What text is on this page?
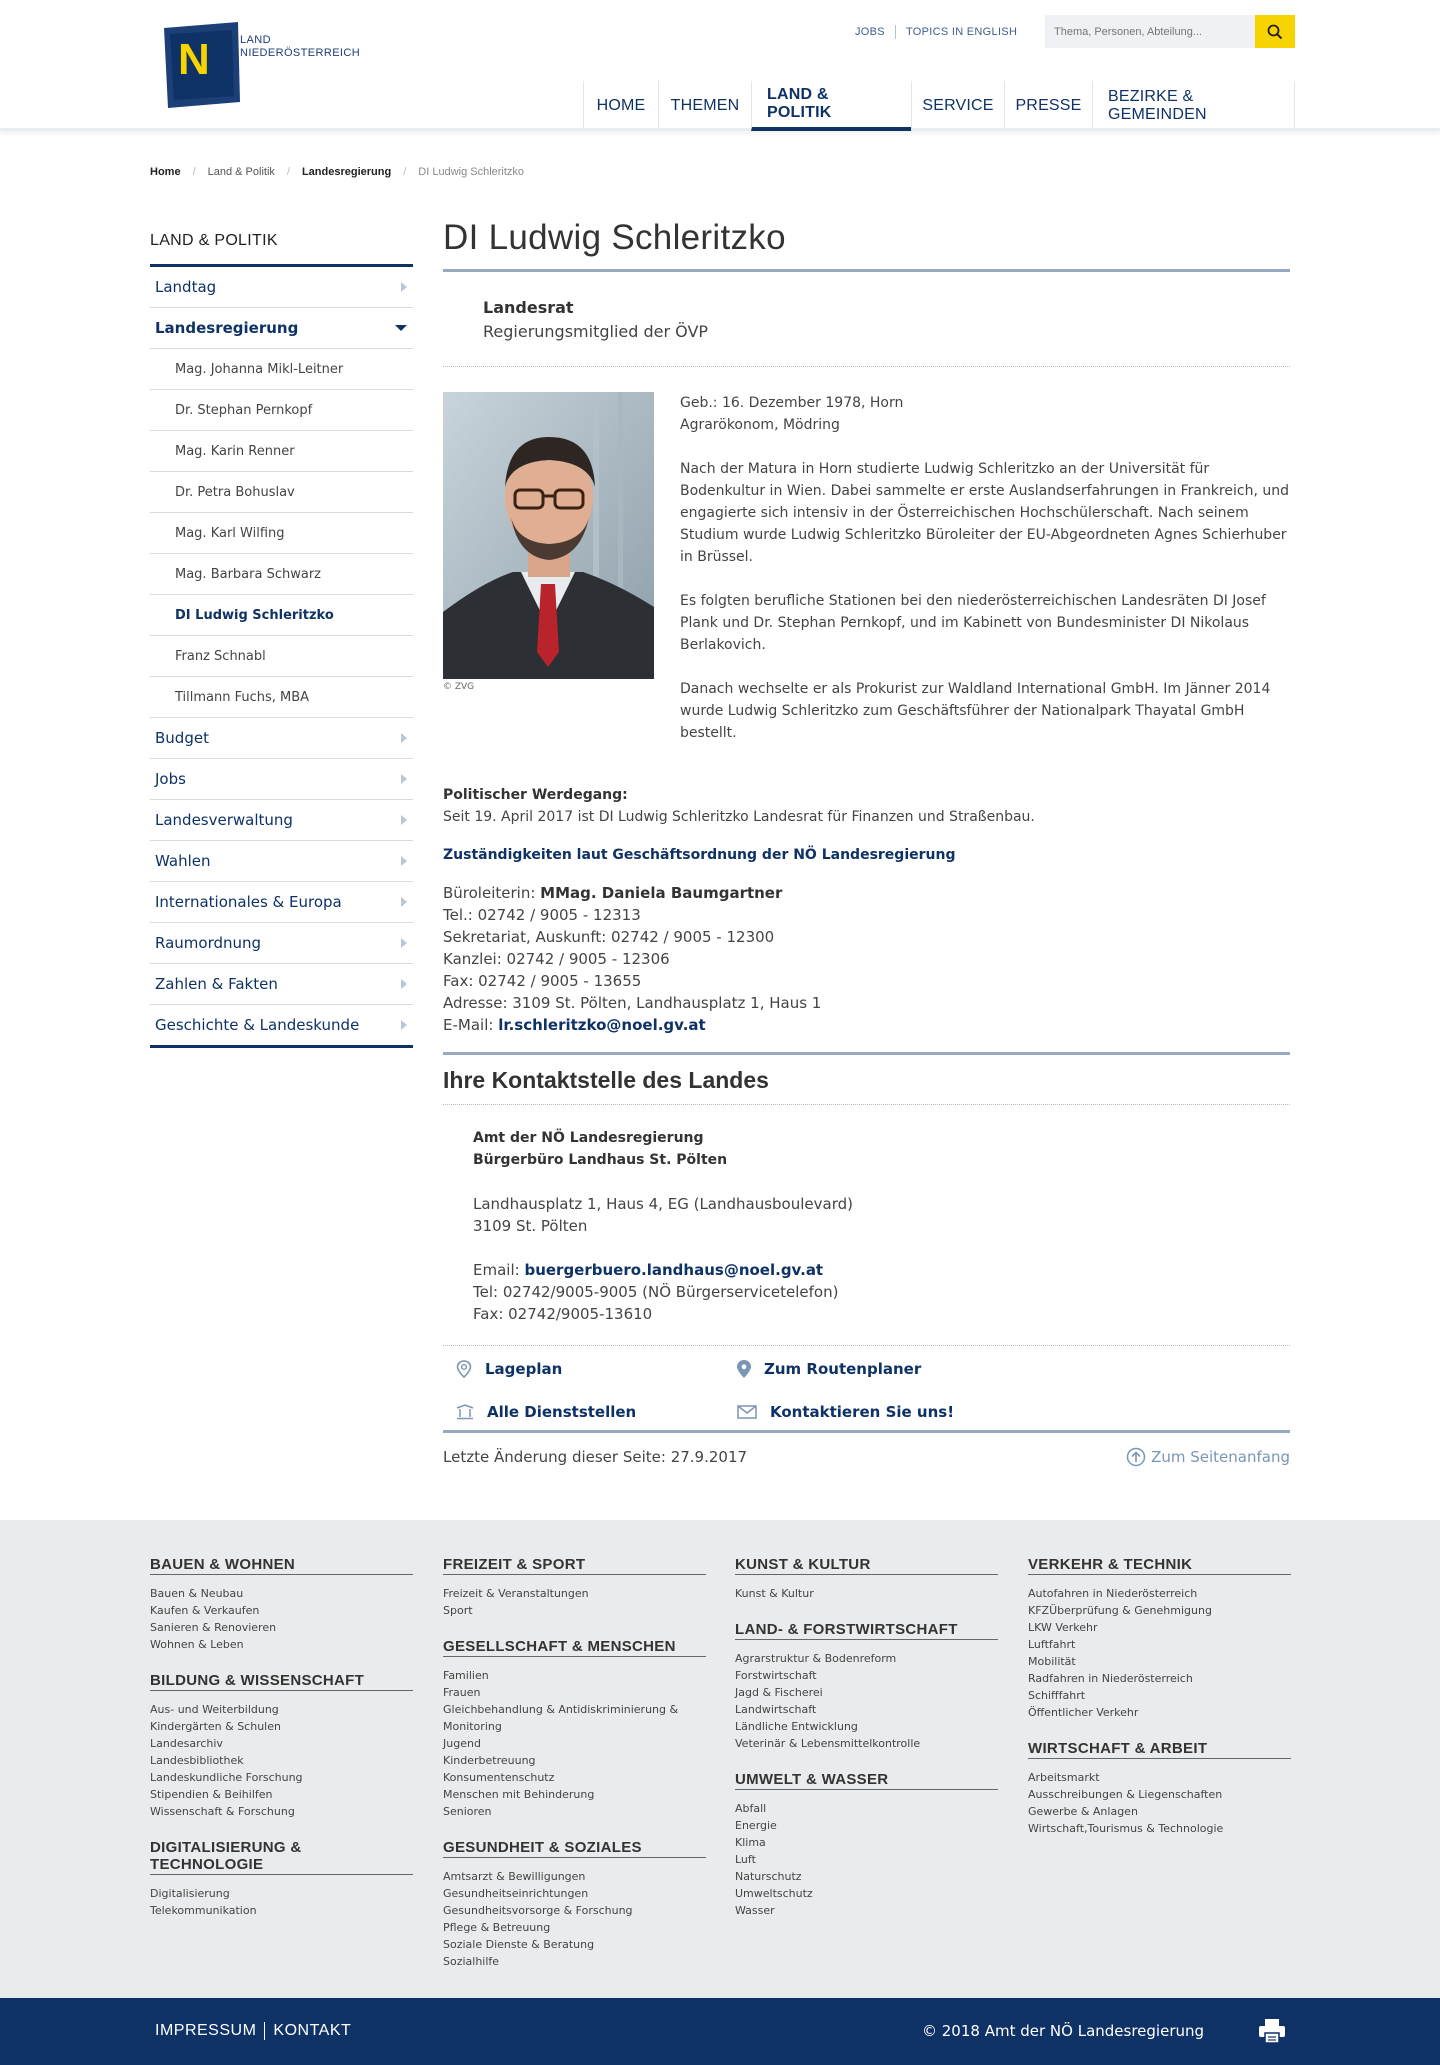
N	LAND
NIEDERÖSTERREICH
JOBS	TOPICS IN ENGLISH
Thema, Personen, Abteilung...
HOME	THEMEN
LAND & POLITIK	SERVICE	PRESSE
BEZIRKE & GEMEINDEN
Home / Land & Politik / Landesregierung / DI Ludwig Schleritzko
LAND & POLITIK
Landtag
Landesregierung
Mag. Johanna Mikl-Leitner
Dr. Stephan Pernkopf
Mag. Karin Renner
Dr. Petra Bohuslav
Mag. Karl Wilfing
Mag. Barbara Schwarz
DI Ludwig Schleritzko
Franz Schnabl
Tillmann Fuchs, MBA
Budget
Jobs
Landesverwaltung
Wahlen
Internationales & Europa
Raumordnung
Zahlen & Fakten
Geschichte & Landeskunde
DI Ludwig Schleritzko
Landesrat
Regierungsmitglied der ÖVP
© ZVG

Geb.: 16. Dezember 1978, Horn
Agrarökonom, Mödring

Nach der Matura in Horn studierte Ludwig Schleritzko an der Universität für Bodenkultur in Wien. Dabei sammelte er erste Auslandserfahrungen in Frankreich, und engagierte sich intensiv in der Österreichischen Hochschülerschaft. Nach seinem Studium wurde Ludwig Schleritzko Büroleiter der EU-Abgeordneten Agnes Schierhuber in Brüssel.

Es folgten berufliche Stationen bei den niederösterreichischen Landesräten DI Josef Plank und Dr. Stephan Pernkopf, und im Kabinett von Bundesminister DI Nikolaus Berlakovich.

Danach wechselte er als Prokurist zur Waldland International GmbH. Im Jänner 2014 wurde Ludwig Schleritzko zum Geschäftsführer der Nationalpark Thayatal GmbH bestellt.

Politischer Werdegang:
Seit 19. April 2017 ist DI Ludwig Schleritzko Landesrat für Finanzen und Straßenbau.
Zuständigkeiten laut Geschäftsordnung der NÖ Landesregierung
Büroleiterin: MMag. Daniela Baumgartner
Tel.: 02742 / 9005 - 12313
Sekretariat, Auskunft: 02742 / 9005 - 12300
Kanzlei: 02742 / 9005 - 12306
Fax: 02742 / 9005 - 13655
Adresse: 3109 St. Pölten, Landhausplatz 1, Haus 1
E-Mail: lr.schleritzko@noel.gv.at
Ihre Kontaktstelle des Landes
Amt der NÖ Landesregierung
Bürgerbüro Landhaus St. Pölten
Landhausplatz 1, Haus 4, EG (Landhausboulevard)
3109 St. Pölten
Email: buergerbuero.landhaus@noel.gv.at
Tel: 02742/9005-9005 (NÖ Bürgerservicetelefon)
Fax: 02742/9005-13610
Lageplan	Zum Routenplaner
Alle Dienststellen	Kontaktieren Sie uns!
Letzte Änderung dieser Seite: 27.9.2017	Zum Seitenanfang
BAUEN & WOHNEN
Bauen & Neubau
Kaufen & Verkaufen
Sanieren & Renovieren
Wohnen & Leben
BILDUNG & WISSENSCHAFT
Aus- und Weiterbildung
Kindergärten & Schulen
Landesarchiv
Landesbibliothek
Landeskundliche Forschung
Stipendien & Beihilfen
Wissenschaft & Forschung
DIGITALISIERUNG & TECHNOLOGIE
Digitalisierung
Telekommunikation
FREIZEIT & SPORT
Freizeit & Veranstaltungen
Sport
GESELLSCHAFT & MENSCHEN
Familien
Frauen
Gleichbehandlung & Antidiskriminierung & Monitoring
Jugend
Kinderbetreuung
Konsumentenschutz
Menschen mit Behinderung
Senioren
GESUNDHEIT & SOZIALES
Amtsarzt & Bewilligungen
Gesundheitseinrichtungen
Gesundheitsvorsorge & Forschung
Pflege & Betreuung
Soziale Dienste & Beratung
Sozialhilfe
KUNST & KULTUR
Kunst & Kultur
LAND- & FORSTWIRTSCHAFT
Agrarstruktur & Bodenreform
Forstwirtschaft
Jagd & Fischerei
Landwirtschaft
Ländliche Entwicklung
Veterinär & Lebensmittelkontrolle
UMWELT & WASSER
Abfall
Energie
Klima
Luft
Naturschutz
Umweltschutz
Wasser
VERKEHR & TECHNIK
Autofahren in Niederösterreich
KFZÜberprüfung & Genehmigung
LKW Verkehr
Luftfahrt
Mobilität
Radfahren in Niederösterreich
Schifffahrt
Öffentlicher Verkehr
WIRTSCHAFT & ARBEIT
Arbeitsmarkt
Ausschreibungen & Liegenschaften
Gewerbe & Anlagen
Wirtschaft,Tourismus & Technologie
IMPRESSUM	KONTAKT	© 2018 Amt der NÖ Landesregierung
